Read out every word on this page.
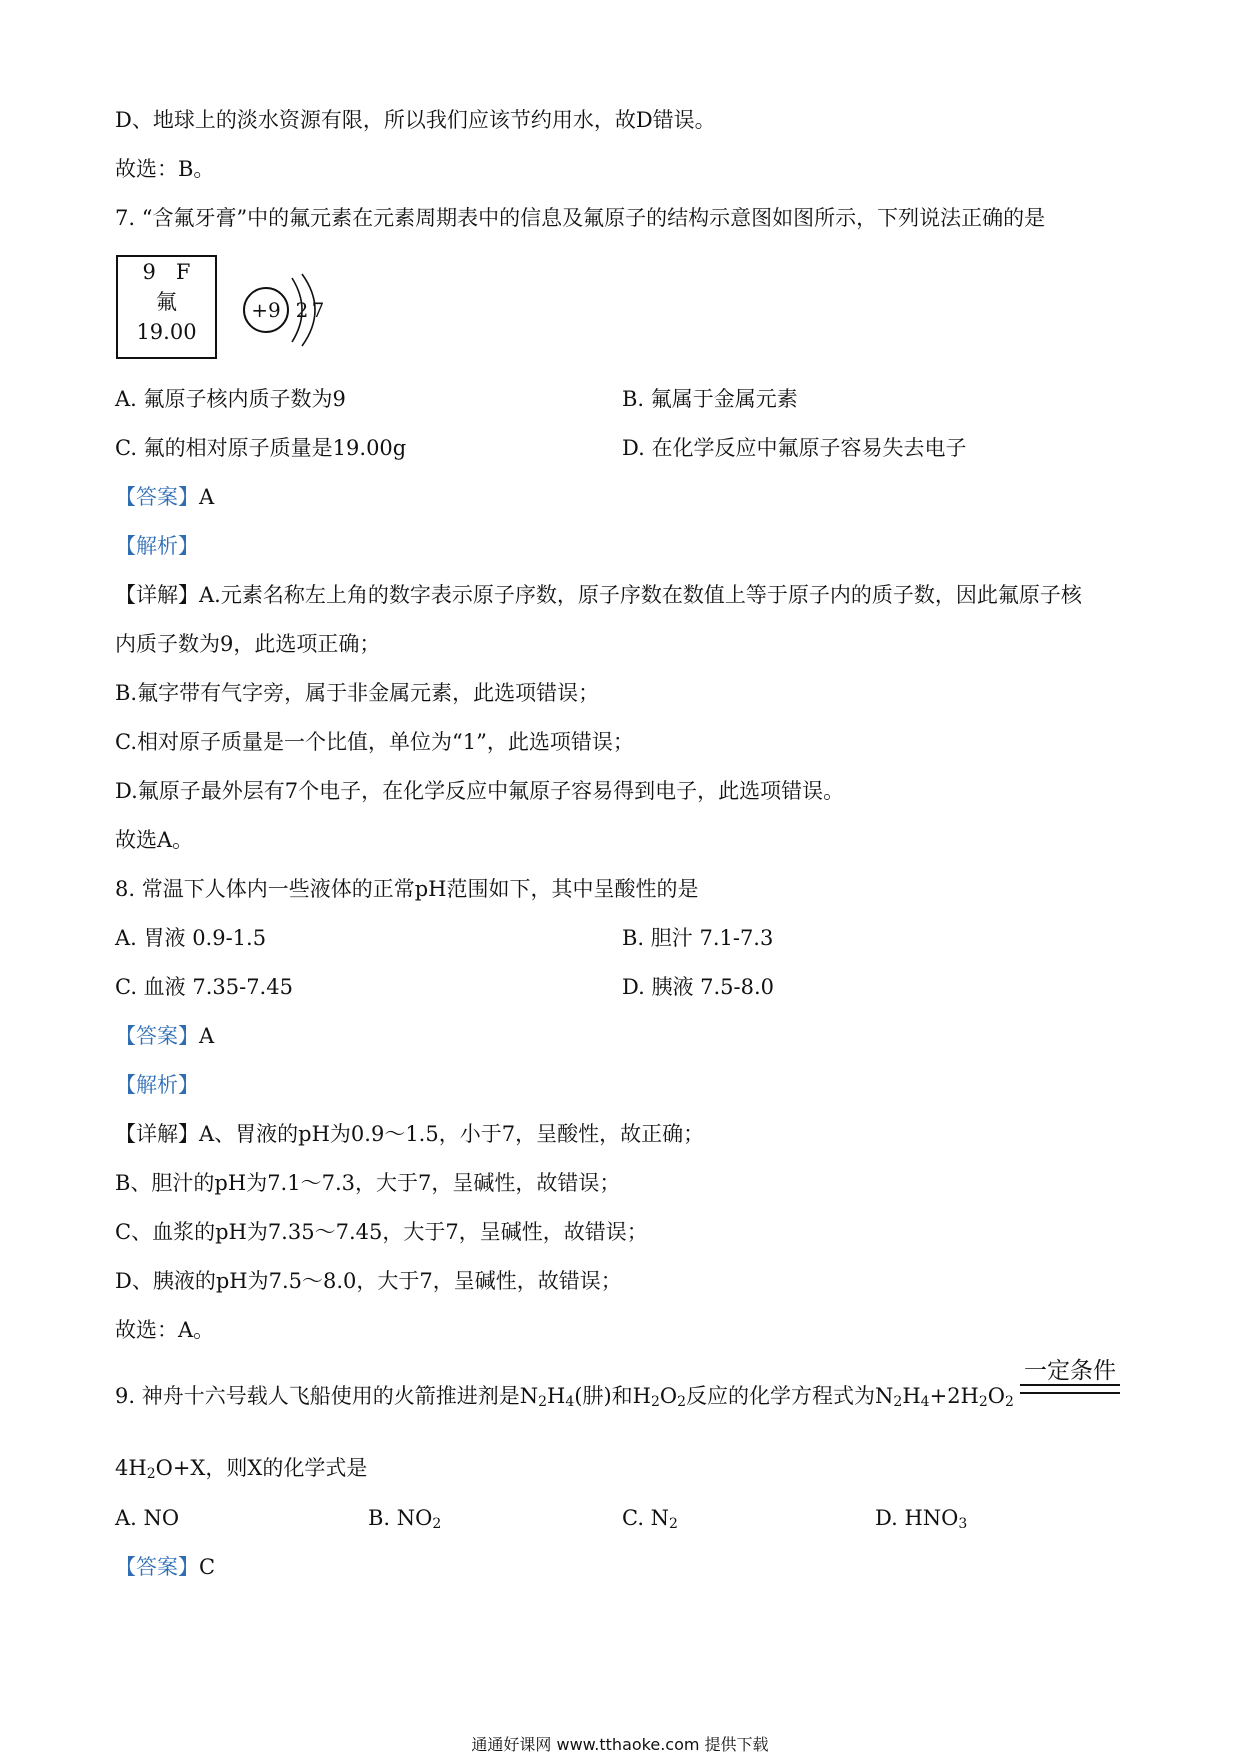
D、地球上的淡水资源有限，所以我们应该节约用水，故D错误。
故选：B。
7. “含氟牙膏”中的氟元素在元素周期表中的信息及氟原子的结构示意图如图所示，下列说法正确的是
9 F
氟
19.00
+9 2 7
A. 氟原子核内质子数为9	B. 氟属于金属元素
C. 氟的相对原子质量是19.00g	D. 在化学反应中氟原子容易失去电子
【答案】A
【解析】
【详解】A.元素名称左上角的数字表示原子序数，原子序数在数值上等于原子内的质子数，因此氟原子核
内质子数为9，此选项正确；
B.氟字带有气字旁，属于非金属元素，此选项错误；
C.相对原子质量是一个比值，单位为“1”，此选项错误；
D.氟原子最外层有7个电子，在化学反应中氟原子容易得到电子，此选项错误。
故选A。
8. 常温下人体内一些液体的正常pH范围如下，其中呈酸性的是
A. 胃液 0.9-1.5	B. 胆汁 7.1-7.3
C. 血液 7.35-7.45	D. 胰液 7.5-8.0
【答案】A
【解析】
【详解】A、胃液的pH为0.9～1.5，小于7，呈酸性，故正确；
B、胆汁的pH为7.1～7.3，大于7，呈碱性，故错误；
C、血浆的pH为7.35～7.45，大于7，呈碱性，故错误；
D、胰液的pH为7.5～8.0，大于7，呈碱性，故错误；
故选：A。
9. 神舟十六号载人飞船使用的火箭推进剂是$N_2H_4$(肼)和$H_2O_2$反应的化学方程式为$N_2H_4+2H_2O_2$
一定条件
$4H_2O+X$，则X的化学式是
A. NO	B. $NO_2$	C. $N_2$	D. $HNO_3$
【答案】C
通通好课网 www.tthaoke.com 提供下载
